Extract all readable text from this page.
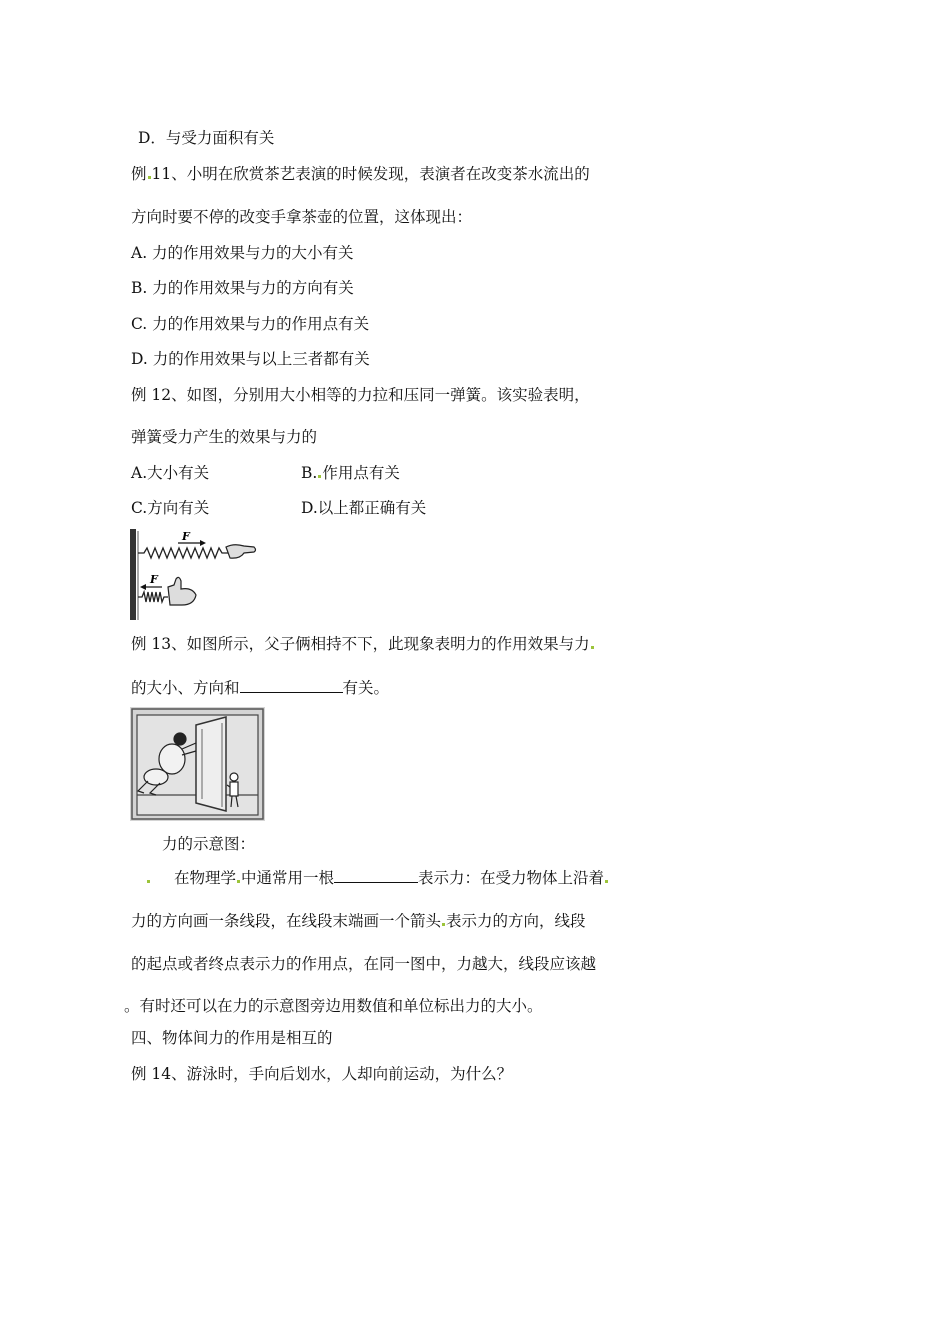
D．与受力面积有关
例 11、小明在欣赏茶艺表演的时候发现，表演者在改变茶水流出的
方向时要不停的改变手拿茶壶的位置，这体现出：
A. 力的作用效果与力的大小有关
B. 力的作用效果与力的方向有关
C. 力的作用效果与力的作用点有关
D. 力的作用效果与以上三者都有关
例 12、如图，分别用大小相等的力拉和压同一弹簧。该实验表明，
弹簧受力产生的效果与力的
A.大小有关	B. 作用点有关
C.方向有关	D.以上都正确有关
F
F
例 13、如图所示，父子俩相持不下，此现象表明力的作用效果与力
的大小、方向和	有关。
力的示意图：
在物理学 中通常用一根	表示力：在受力物体上沿着
力的方向画一条线段，在线段末端画一个箭头 表示力的方向，线段
的起点或者终点表示力的作用点，在同一图中，力越大，线段应该越
。有时还可以在力的示意图旁边用数值和单位标出力的大小。
四、物体间力的作用是相互的
例 14、游泳时，手向后划水，人却向前运动，为什么？
